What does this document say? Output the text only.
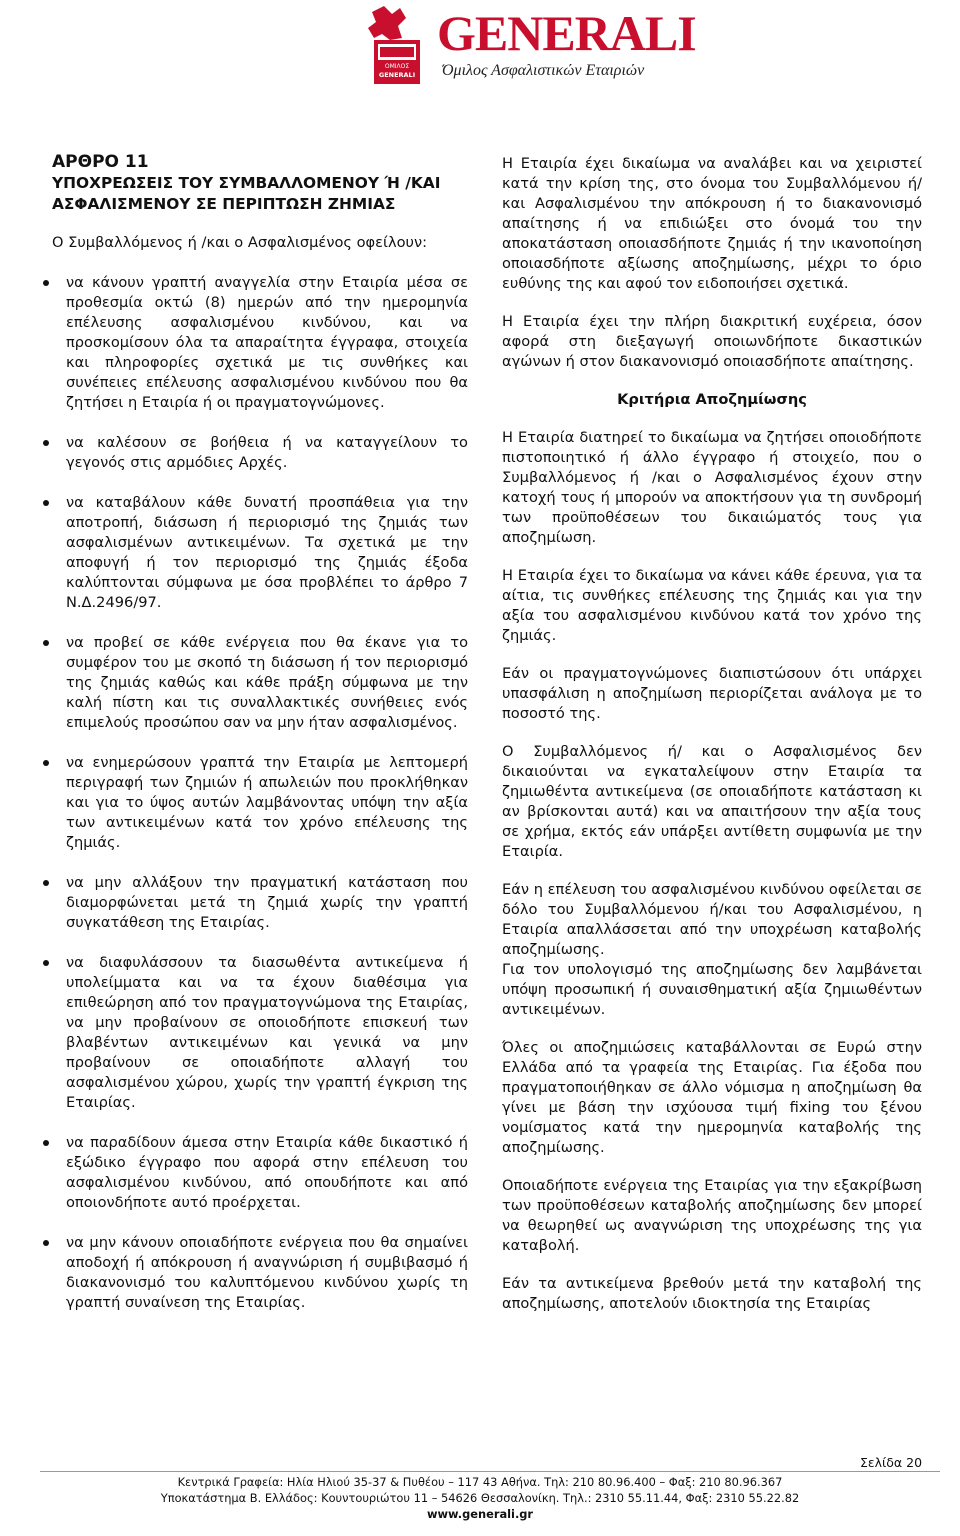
ΟΜΙΛΟΣ
GENERALI
GENERALI
Όμιλος Ασφαλιστικών Εταιριών
ΑΡΘΡΟ 11
ΥΠΟΧΡΕΩΣΕΙΣ ΤΟΥ ΣΥΜΒΑΛΛΟΜΕΝΟΥ Ή /ΚΑΙ ΑΣΦΑΛΙΣΜΕΝΟΥ ΣΕ ΠΕΡΙΠΤΩΣΗ ΖΗΜΙΑΣ
Ο Συμβαλλόμενος ή /και ο Ασφαλισμένος οφείλουν:
να κάνουν γραπτή αναγγελία στην Εταιρία μέσα σε προθεσμία οκτώ (8) ημερών από την ημερομηνία επέλευσης ασφαλισμένου κινδύνου, και να προσκομίσουν όλα τα απαραίτητα έγγραφα, στοιχεία και πληροφορίες σχετικά με τις συνθήκες και συνέπειες επέλευσης ασφαλισμένου κινδύνου που θα ζητήσει η Εταιρία ή οι πραγματογνώμονες.
να καλέσουν σε βοήθεια ή να καταγγείλουν το γεγονός στις αρμόδιες Αρχές.
να καταβάλουν κάθε δυνατή προσπάθεια για την αποτροπή, διάσωση ή περιορισμό της ζημιάς των ασφαλισμένων αντικειμένων. Τα σχετικά με την αποφυγή ή τον περιορισμό της ζημιάς έξοδα καλύπτονται σύμφωνα με όσα προβλέπει το άρθρο 7 Ν.Δ.2496/97.
να προβεί σε κάθε ενέργεια που θα έκανε για το συμφέρον του με σκοπό τη διάσωση ή τον περιορισμό της ζημιάς καθώς και κάθε πράξη σύμφωνα με την καλή πίστη και τις συναλλακτικές συνήθειες ενός επιμελούς προσώπου σαν να μην ήταν ασφαλισμένος.
να ενημερώσουν γραπτά την Εταιρία με λεπτομερή περιγραφή των ζημιών ή απωλειών που προκλήθηκαν και για το ύψος αυτών λαμβάνοντας υπόψη την αξία των αντικειμένων κατά τον χρόνο επέλευσης της ζημιάς.
να μην αλλάξουν την πραγματική κατάσταση που διαμορφώνεται μετά τη ζημιά χωρίς την γραπτή συγκατάθεση της Εταιρίας.
να διαφυλάσσουν τα διασωθέντα αντικείμενα ή υπολείμματα και να τα έχουν διαθέσιμα για επιθεώρηση από τον πραγματογνώμονα της Εταιρίας, να μην προβαίνουν σε οποιοδήποτε επισκευή των βλαβέντων αντικειμένων και γενικά να μην προβαίνουν σε οποιαδήποτε αλλαγή του ασφαλισμένου χώρου, χωρίς την γραπτή έγκριση της Εταιρίας.
να παραδίδουν άμεσα στην Εταιρία κάθε δικαστικό ή εξώδικο έγγραφο που αφορά στην επέλευση του ασφαλισμένου κινδύνου, από οπουδήποτε και από οποιονδήποτε αυτό προέρχεται.
να μην κάνουν οποιαδήποτε ενέργεια που θα σημαίνει αποδοχή ή απόκρουση ή αναγνώριση ή συμβιβασμό ή διακανονισμό του καλυπτόμενου κινδύνου χωρίς τη γραπτή συναίνεση της Εταιρίας.

Η Εταιρία έχει δικαίωμα να αναλάβει και να χειριστεί κατά την κρίση της, στο όνομα του Συμβαλλόμενου ή/ και Ασφαλισμένου την απόκρουση ή το διακανονισμό απαίτησης ή να επιδιώξει στο όνομά του την αποκατάσταση οποιασδήποτε ζημιάς ή την ικανοποίηση οποιασδήποτε αξίωσης αποζημίωσης, μέχρι το όριο ευθύνης της και αφού τον ειδοποιήσει σχετικά.

Η Εταιρία έχει την πλήρη διακριτική ευχέρεια, όσον αφορά στη διεξαγωγή οποιωνδήποτε δικαστικών αγώνων ή στον διακανονισμό οποιασδήποτε απαίτησης.

Κριτήρια Αποζημίωσης

Η Εταιρία διατηρεί το δικαίωμα να ζητήσει οποιοδήποτε πιστοποιητικό ή άλλο έγγραφο ή στοιχείο, που ο Συμβαλλόμενος ή /και ο Ασφαλισμένος έχουν στην κατοχή τους ή μπορούν να αποκτήσουν για τη συνδρομή των προϋποθέσεων του δικαιώματός τους για αποζημίωση.

Η Εταιρία έχει το δικαίωμα να κάνει κάθε έρευνα, για τα αίτια, τις συνθήκες επέλευσης της ζημιάς και για την αξία του ασφαλισμένου κινδύνου κατά τον χρόνο της ζημιάς.

Εάν οι πραγματογνώμονες διαπιστώσουν ότι υπάρχει υπασφάλιση η αποζημίωση περιορίζεται ανάλογα με το ποσοστό της.

Ο Συμβαλλόμενος ή/ και ο Ασφαλισμένος δεν δικαιούνται να εγκαταλείψουν στην Εταιρία τα ζημιωθέντα αντικείμενα (σε οποιαδήποτε κατάσταση κι αν βρίσκονται αυτά) και να απαιτήσουν την αξία τους σε χρήμα, εκτός εάν υπάρξει αντίθετη συμφωνία με την Εταιρία.

Εάν η επέλευση του ασφαλισμένου κινδύνου οφείλεται σε δόλο του Συμβαλλόμενου ή/και του Ασφαλισμένου, η Εταιρία απαλλάσσεται από την υποχρέωση καταβολής αποζημίωσης.

Για τον υπολογισμό της αποζημίωσης δεν λαμβάνεται υπόψη προσωπική ή συναισθηματική αξία ζημιωθέντων αντικειμένων.

Όλες οι αποζημιώσεις καταβάλλονται σε Ευρώ στην Ελλάδα από τα γραφεία της Εταιρίας. Για έξοδα που πραγματοποιήθηκαν σε άλλο νόμισμα η αποζημίωση θα γίνει με βάση την ισχύουσα τιμή fixing του ξένου νομίσματος κατά την ημερομηνία καταβολής της αποζημίωσης.

Οποιαδήποτε ενέργεια της Εταιρίας για την εξακρίβωση των προϋποθέσεων καταβολής αποζημίωσης δεν μπορεί να θεωρηθεί ως αναγνώριση της υποχρέωσης της για καταβολή.

Εάν τα αντικείμενα βρεθούν μετά την καταβολή της αποζημίωσης, αποτελούν ιδιοκτησία της Εταιρίας

Σελίδα 20
Κεντρικά Γραφεία: Ηλία Ηλιού 35-37 & Πυθέου – 117 43 Αθήνα. Τηλ: 210 80.96.400 – Φαξ: 210 80.96.367
Υποκατάστημα Β. Ελλάδος: Κουντουριώτου 11 – 54626 Θεσσαλονίκη. Τηλ.: 2310 55.11.44, Φαξ: 2310 55.22.82
www.generali.gr
